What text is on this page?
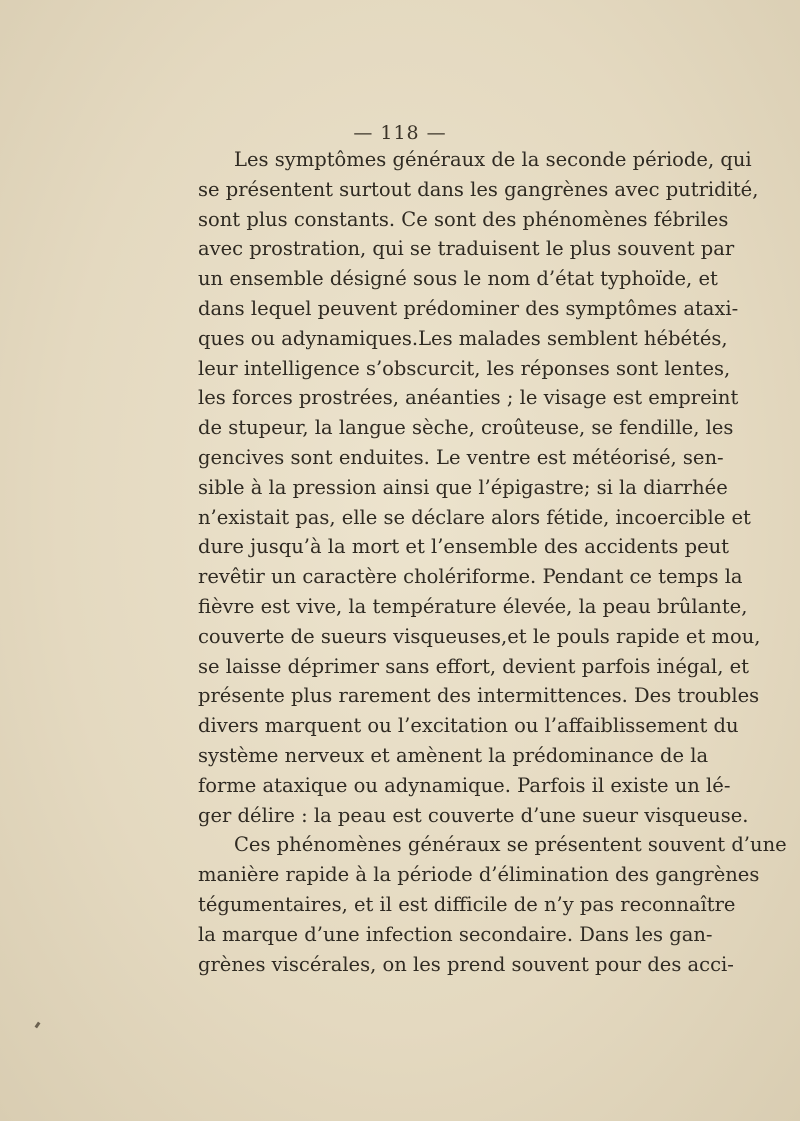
— 118 —
Les symptômes généraux de la seconde période, qui
se présentent surtout dans les gangrènes avec putridité,
sont plus constants. Ce sont des phénomènes fébriles
avec prostration, qui se traduisent le plus souvent par
un ensemble désigné sous le nom d’état typhoïde, et
dans lequel peuvent prédominer des symptômes ataxi-
ques ou adynamiques.Les malades semblent hébétés,
leur intelligence s’obscurcit, les réponses sont lentes,
les forces prostrées, anéanties ; le visage est empreint
de stupeur, la langue sèche, croûteuse, se fendille, les
gencives sont enduites. Le ventre est météorisé, sen-
sible à la pression ainsi que l’épigastre; si la diarrhée
n’existait pas, elle se déclare alors fétide, incoercible et
dure jusqu’à la mort et l’ensemble des accidents peut
revêtir un caractère cholériforme. Pendant ce temps la
fièvre est vive, la température élevée, la peau brûlante,
couverte de sueurs visqueuses,et le pouls rapide et mou,
se laisse déprimer sans effort, devient parfois inégal, et
présente plus rarement des intermittences. Des troubles
divers marquent ou l’excitation ou l’affaiblissement du
système nerveux et amènent la prédominance de la
forme ataxique ou adynamique. Parfois il existe un lé-
ger délire : la peau est couverte d’une sueur visqueuse.
Ces phénomènes généraux se présentent souvent d’une
manière rapide à la période d’élimination des gangrènes
tégumentaires, et il est difficile de n’y pas reconnaître
la marque d’une infection secondaire. Dans les gan-
grènes viscérales, on les prend souvent pour des acci-
